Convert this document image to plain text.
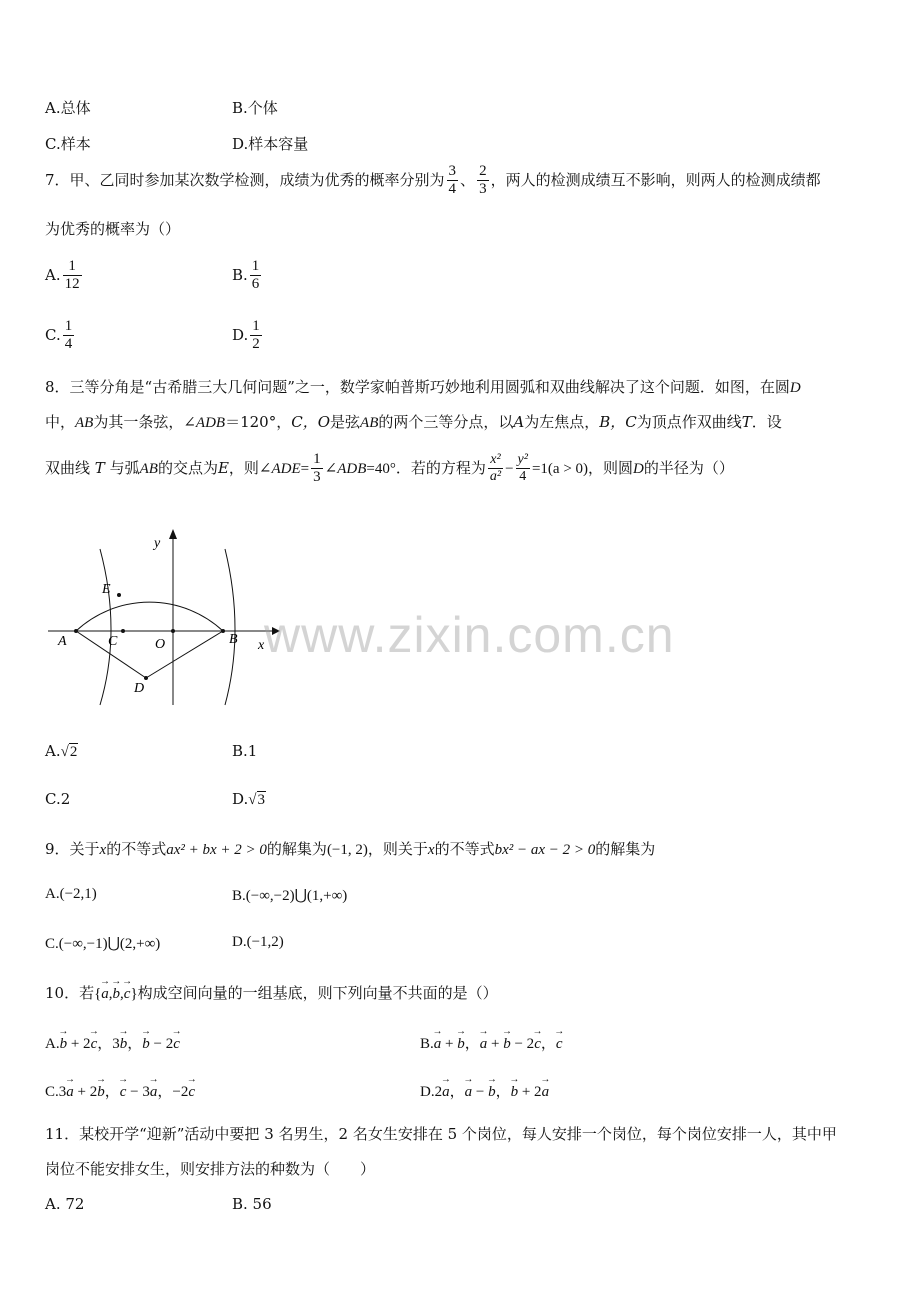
A.总体	B.个体
C.样本	D.样本容量
7．甲、乙同时参加某次数学检测，成绩为优秀的概率分别为 $\frac{3}{4}$ 、 $\frac{2}{3}$ ，两人的检测成绩互不影响，则两人的检测成绩都
为优秀的概率为（）
A. $\frac{1}{12}$	B. $\frac{1}{6}$
C. $\frac{1}{4}$	D. $\frac{1}{2}$
8．三等分角是“古希腊三大几何问题”之一，数学家帕普斯巧妙地利用圆弧和双曲线解决了这个问题．如图，在圆D
中，AB为其一条弦，∠ADB＝120°，C，O是弦AB的两个三等分点，以A为左焦点，B，C为顶点作双曲线T．设
双曲线 T 与弧AB的交点为E，则∠ADE= $\frac{1}{3}$ ∠ADB=40°．若的方程为 $\frac{\text{x²}}{\text{a²}} - \frac{\text{y²}}{4} =1(a > 0)$，则圆D的半径为（）
y
x
A	C	O	B
D
E
www.zixin.com.cn
A.√2	B.1
C.2	D.√3
9．关于x的不等式ax² + bx + 2 > 0的解集为(−1, 2)，则关于x的不等式bx² − ax − 2 > 0的解集为
A.(−2,1)	B.(−∞,−2)⋃(1,+∞)
C.(−∞,−1)⋃(2,+∞)	D.(−1,2)
10．若{→ a,→ b,→ c}构成空间向量的一组基底，则下列向量不共面的是（）
A.→ b + 2→ c，3→ b，→ b − 2→ c	B.→ a + → b，→ a + → b − 2→ c，→ c
C.3→ a + 2→ b，→ c − 3→ a，−2→ c	D.2→ a，→ a − → b，→ b + 2→ a
11．某校开学“迎新”活动中要把 3 名男生，2 名女生安排在 5 个岗位，每人安排一个岗位，每个岗位安排一人，其中甲
岗位不能安排女生，则安排方法的种数为（　　）
A. 72	B. 56
